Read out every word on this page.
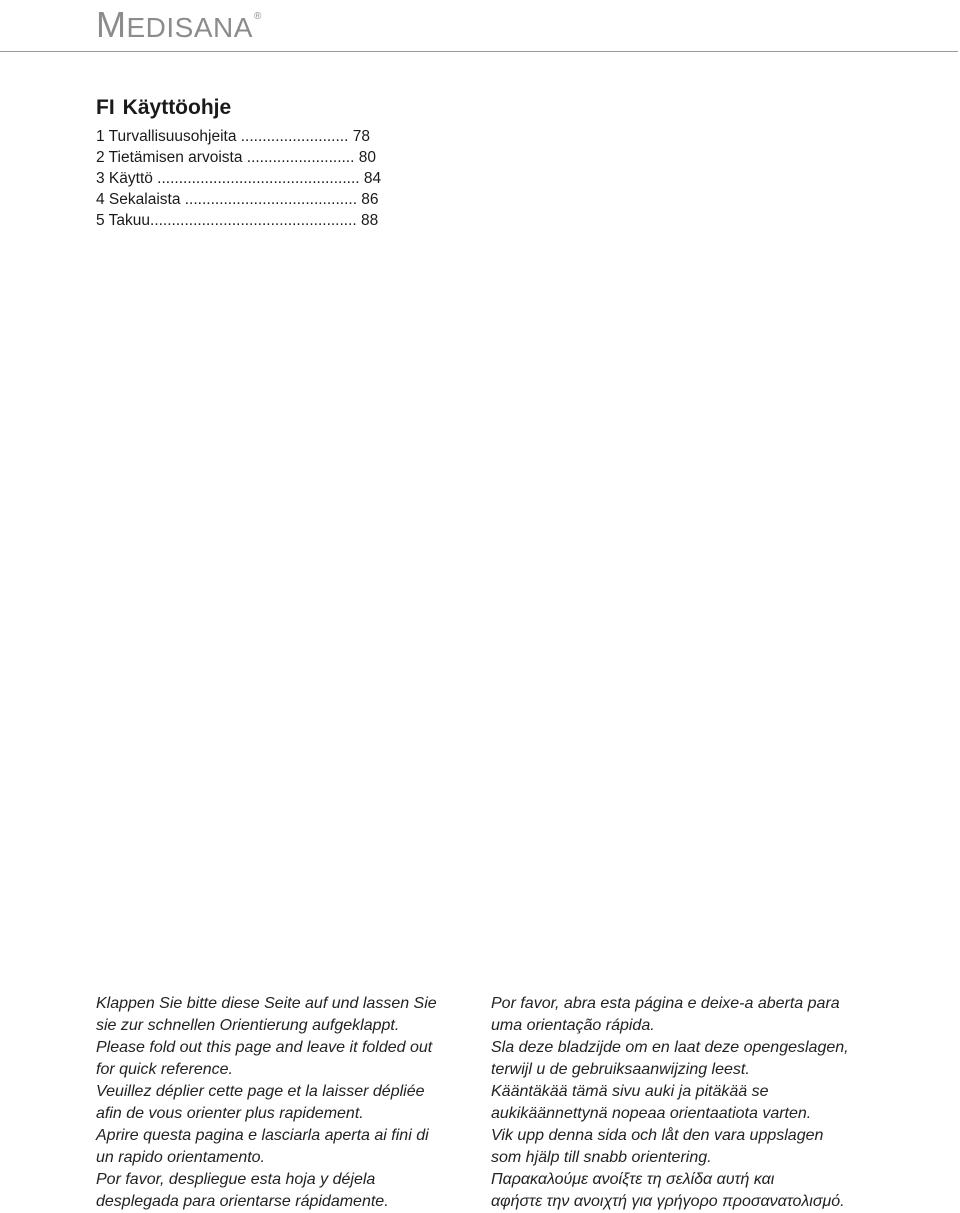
MEDISANA®
FI Käyttöohje
1 Turvallisuusohjeita ......................... 78
2 Tietämisen arvoista ......................... 80
3 Käyttö ............................................... 84
4 Sekalaista ........................................ 86
5 Takuu................................................ 88

Klappen Sie bitte diese Seite auf und lassen Sie

sie zur schnellen Orientierung aufgeklappt.

Please fold out this page and leave it folded out

for quick reference.

Veuillez déplier cette page et la laisser dépliée

afin de vous orienter plus rapidement.

Aprire questa pagina e lasciarla aperta ai fini di

un rapido orientamento.

Por favor, despliegue esta hoja y déjela

desplegada para orientarse rápidamente.

Por favor, abra esta página e deixe-a aberta para

uma orientação rápida.

Sla deze bladzijde om en laat deze opengeslagen,

terwijl u de gebruiksaanwijzing leest.

Kääntäkää tämä sivu auki ja pitäkää se

aukikäännettynä nopeaa orientaatiota varten.

Vik upp denna sida och låt den vara uppslagen

som hjälp till snabb orientering.

Παρακαλούμε ανοίξτε τη σελίδα αυτή και

αφήστε την ανοιχτή για γρήγορο προσανατολισμό.
